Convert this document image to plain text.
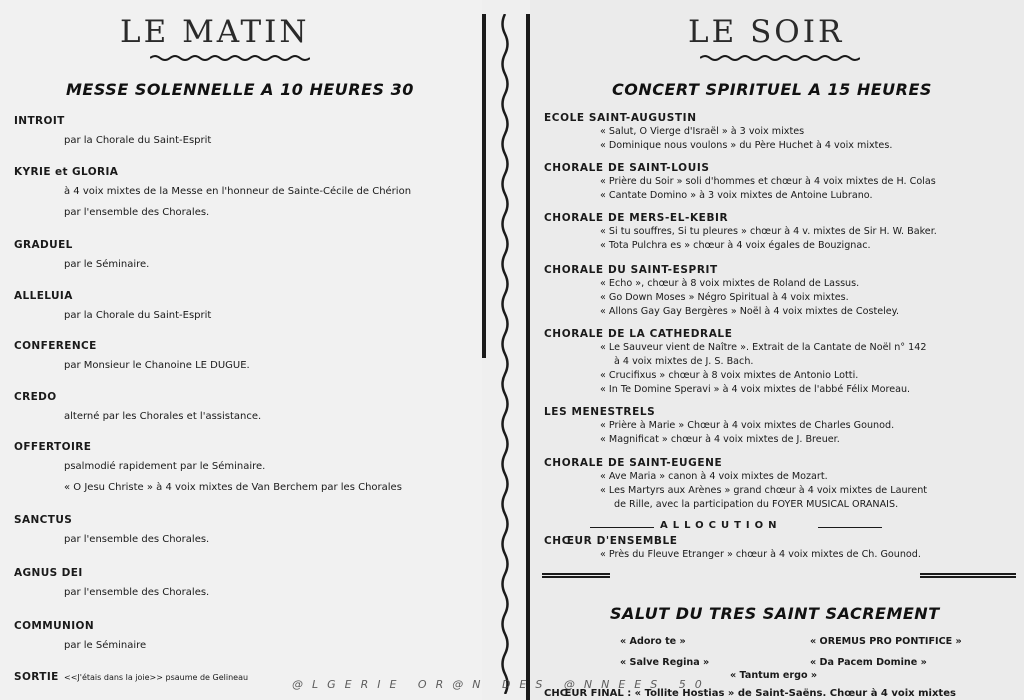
LE MATIN
MESSE SOLENNELLE A 10 HEURES 30
INTROIT
par la Chorale du Saint-Esprit
KYRIE et GLORIA
à 4 voix mixtes de la Messe en l'honneur de Sainte-Cécile de Chérion
par l'ensemble des Chorales.
GRADUEL
par le Séminaire.
ALLELUIA
par la Chorale du Saint-Esprit
CONFERENCE
par Monsieur le Chanoine LE DUGUE.
CREDO
alterné par les Chorales et l'assistance.
OFFERTOIRE
psalmodié rapidement par le Séminaire.
« O Jesu Christe » à 4 voix mixtes de Van Berchem par les Chorales
SANCTUS
par l'ensemble des Chorales.
AGNUS DEI
par l'ensemble des Chorales.
COMMUNION
par le Séminaire
SORTIE <<J'étais dans la joie>> psaume de Gelineau
LE SOIR
CONCERT SPIRITUEL A 15 HEURES
ECOLE SAINT-AUGUSTIN
« Salut, O Vierge d'Israël » à 3 voix mixtes
« Dominique nous voulons » du Père Huchet à 4 voix mixtes.
CHORALE DE SAINT-LOUIS
« Prière du Soir » soli d'hommes et chœur à 4 voix mixtes de H. Colas
« Cantate Domino » à 3 voix mixtes de Antoine Lubrano.
CHORALE DE MERS-EL-KEBIR
« Si tu souffres, Si tu pleures » chœur à 4 v. mixtes de Sir H. W. Baker.
« Tota Pulchra es » chœur à 4 voix égales de Bouzignac.
CHORALE DU SAINT-ESPRIT
« Echo », chœur à 8 voix mixtes de Roland de Lassus.
« Go Down Moses » Négro Spiritual à 4 voix mixtes.
« Allons Gay Gay Bergères » Noël à 4 voix mixtes de Costeley.
CHORALE DE LA CATHEDRALE
« Le Sauveur vient de Naître ». Extrait de la Cantate de Noël n° 142
à 4 voix mixtes de J. S. Bach.
« Crucifixus » chœur à 8 voix mixtes de Antonio Lotti.
« In Te Domine Speravi » à 4 voix mixtes de l'abbé Félix Moreau.
LES MENESTRELS
« Prière à Marie » Chœur à 4 voix mixtes de Charles Gounod.
« Magnificat » chœur à 4 voix mixtes de J. Breuer.
CHORALE DE SAINT-EUGENE
« Ave Maria » canon à 4 voix mixtes de Mozart.
« Les Martyrs aux Arènes » grand chœur à 4 voix mixtes de Laurent
de Rille, avec la participation du FOYER MUSICAL ORANAIS.
ALLOCUTION
CHŒUR D'ENSEMBLE
« Près du Fleuve Etranger » chœur à 4 voix mixtes de Ch. Gounod.
SALUT DU TRES SAINT SACREMENT
« Adoro te »	« OREMUS PRO PONTIFICE »
« Salve Regina »	« Da Pacem Domine »
« Tantum ergo »
CHŒUR FINAL : « Tollite Hostias » de Saint-Saëns. Chœur à 4 voix mixtes
@LGERIE OR@N DES @NNEES 50
